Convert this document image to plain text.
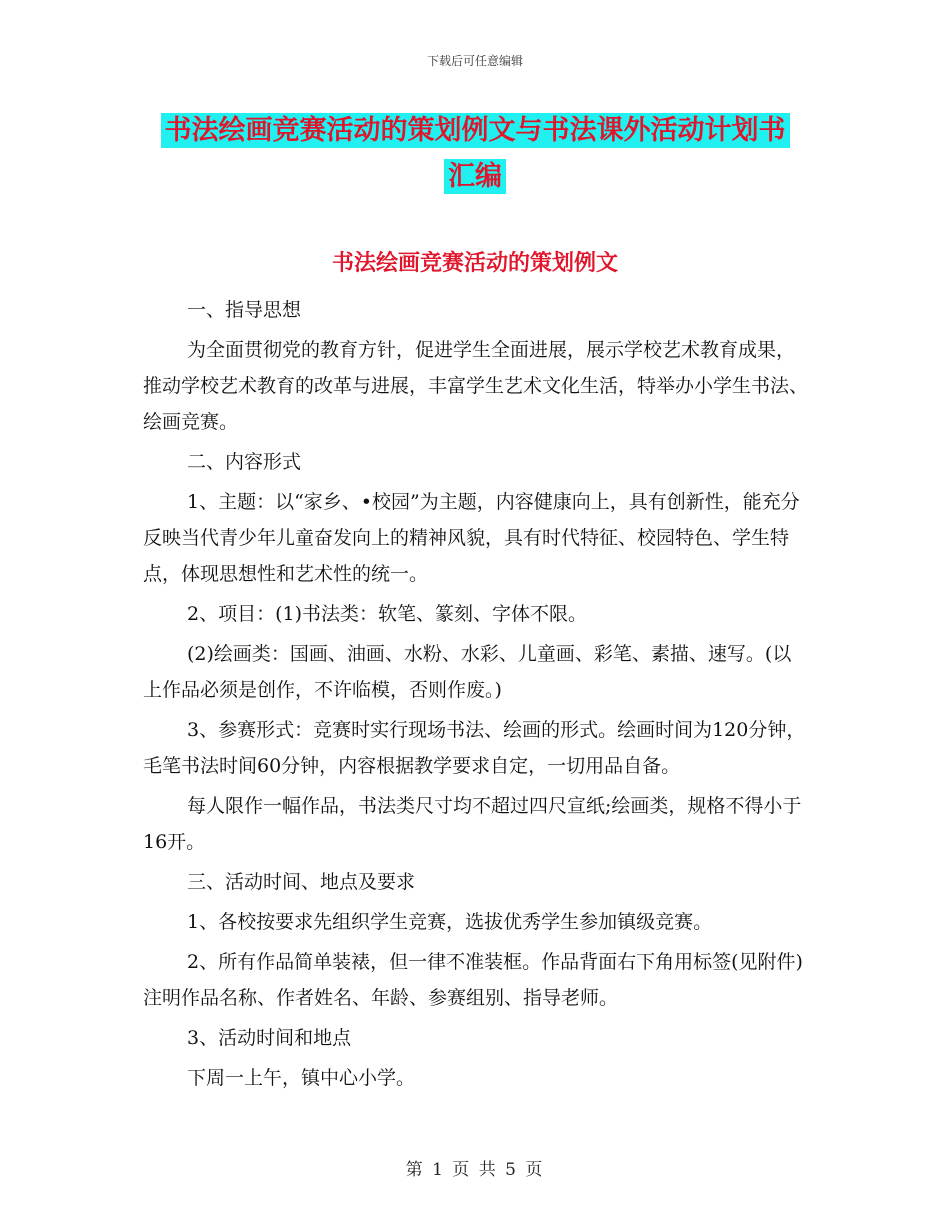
下载后可任意编辑

书法绘画竞赛活动的策划例文与书法课外活动计划书

汇编

书法绘画竞赛活动的策划例文

一、指导思想

为全面贯彻党的教育方针，促进学生全面进展，展示学校艺术教育成果，推动学校艺术教育的改革与进展，丰富学生艺术文化生活，特举办小学生书法、绘画竞赛。

二、内容形式

1、主题：以“家乡、•校园”为主题，内容健康向上，具有创新性，能充分反映当代青少年儿童奋发向上的精神风貌，具有时代特征、校园特色、学生特点，体现思想性和艺术性的统一。

2、项目：(1)书法类：软笔、篆刻、字体不限。

(2)绘画类：国画、油画、水粉、水彩、儿童画、彩笔、素描、速写。(以上作品必须是创作，不许临模，否则作废。)

3、参赛形式：竞赛时实行现场书法、绘画的形式。绘画时间为120分钟，毛笔书法时间60分钟，内容根据教学要求自定，一切用品自备。

每人限作一幅作品，书法类尺寸均不超过四尺宣纸;绘画类，规格不得小于16开。

三、活动时间、地点及要求

1、各校按要求先组织学生竞赛，选拔优秀学生参加镇级竞赛。

2、所有作品简单装裱，但一律不准装框。作品背面右下角用标签(见附件)注明作品名称、作者姓名、年龄、参赛组别、指导老师。

3、活动时间和地点

下周一上午，镇中心小学。

第 1 页 共 5 页
